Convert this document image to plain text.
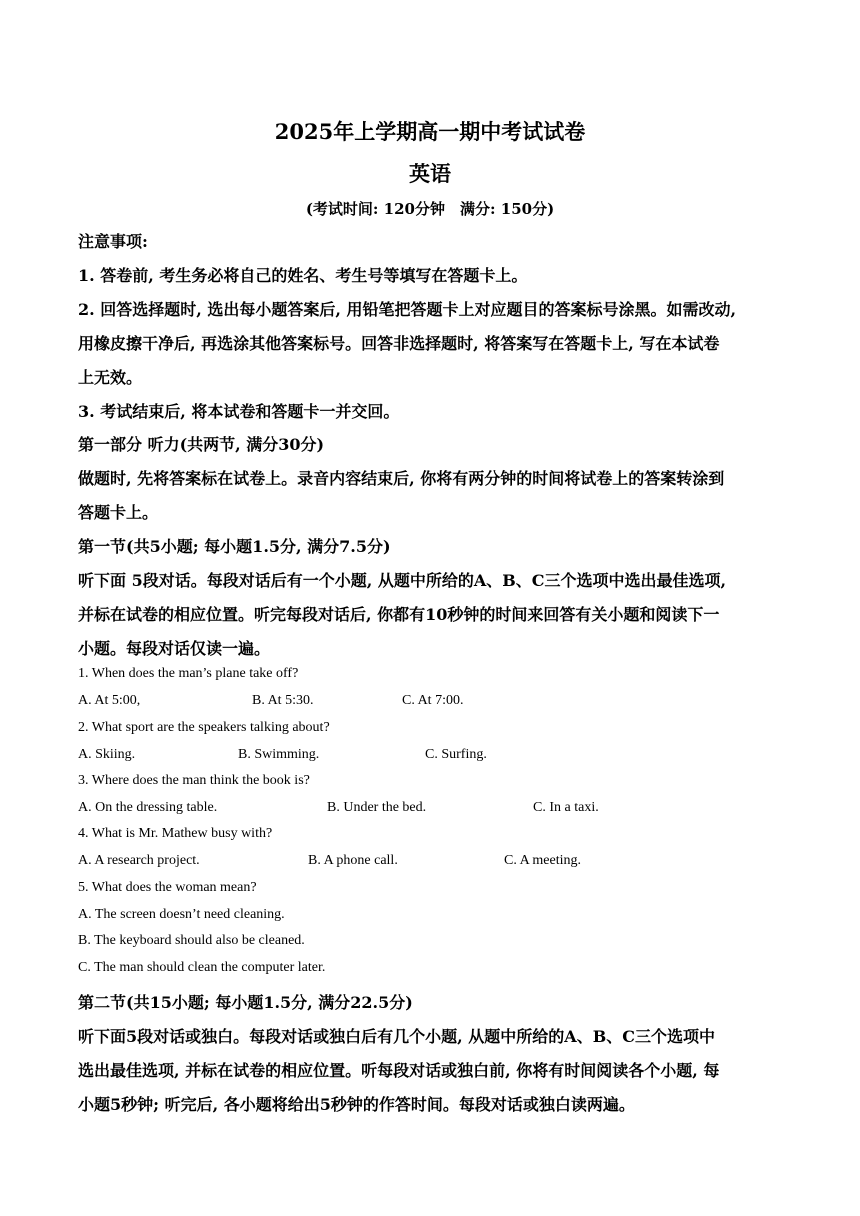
2025年上学期高一期中考试试卷
英语
(考试时间: 120分钟　满分: 150分)
注意事项:
1. 答卷前, 考生务必将自己的姓名、考生号等填写在答题卡上。
2. 回答选择题时, 选出每小题答案后, 用铅笔把答题卡上对应题目的答案标号涂黑。如需改动,
用橡皮擦干净后, 再选涂其他答案标号。回答非选择题时, 将答案写在答题卡上, 写在本试卷
上无效。
3. 考试结束后, 将本试卷和答题卡一并交回。
第一部分 听力(共两节, 满分30分)
做题时, 先将答案标在试卷上。录音内容结束后, 你将有两分钟的时间将试卷上的答案转涂到
答题卡上。
第一节(共5小题; 每小题1.5分, 满分7.5分)
听下面 5段对话。每段对话后有一个小题, 从题中所给的A、B、C三个选项中选出最佳选项,
并标在试卷的相应位置。听完每段对话后, 你都有10秒钟的时间来回答有关小题和阅读下一
小题。每段对话仅读一遍。
1. When does the man’s plane take off?
A. At 5:00,	B. At 5:30.	C. At 7:00.
2. What sport are the speakers talking about?
A. Skiing.	B. Swimming.	C. Surfing.
3. Where does the man think the book is?
A. On the dressing table.	B. Under the bed.	C. In a taxi.
4. What is Mr. Mathew busy with?
A. A research project.	B. A phone call.	C. A meeting.
5. What does the woman mean?
A. The screen doesn’t need cleaning.
B. The keyboard should also be cleaned.
C. The man should clean the computer later.
第二节(共15小题; 每小题1.5分, 满分22.5分)
听下面5段对话或独白。每段对话或独白后有几个小题, 从题中所给的A、B、C三个选项中
选出最佳选项, 并标在试卷的相应位置。听每段对话或独白前, 你将有时间阅读各个小题, 每
小题5秒钟; 听完后, 各小题将给出5秒钟的作答时间。每段对话或独白读两遍。
